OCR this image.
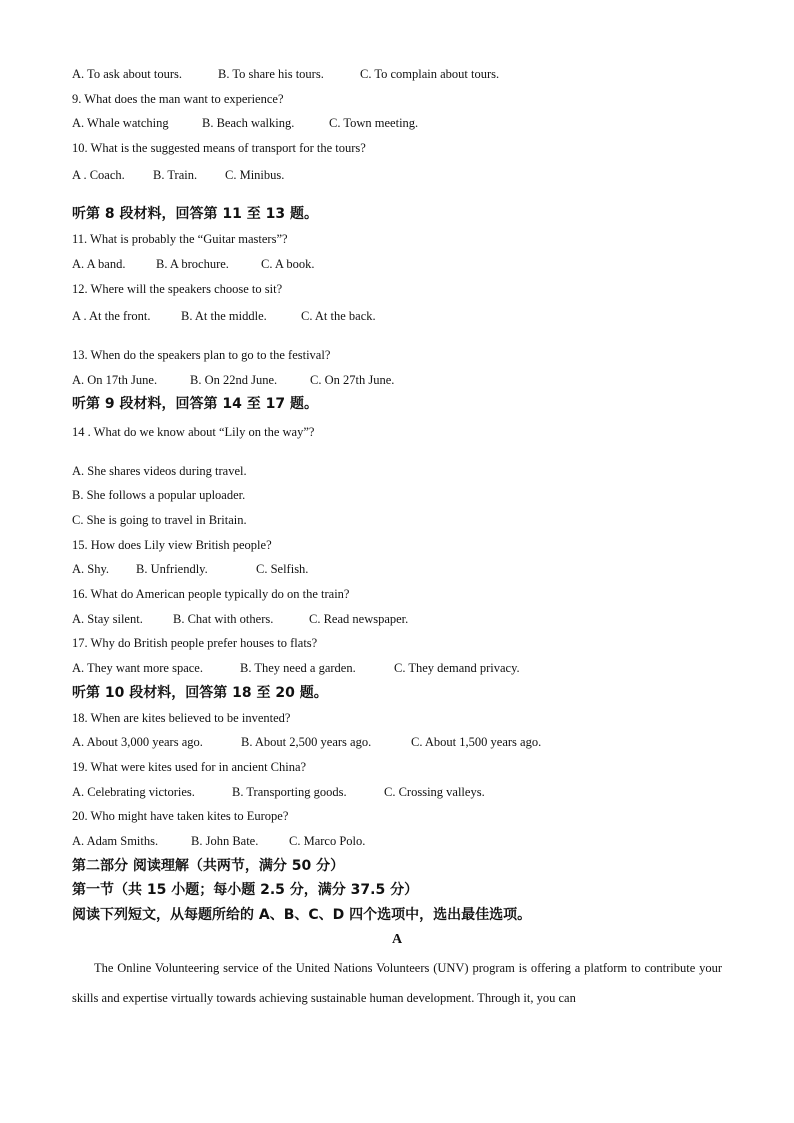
A. To ask about tours.	B. To share his tours.	C. To complain about tours.
9. What does the man want to experience?
A. Whale watching	B. Beach walking.	C. Town meeting.
10. What is the suggested means of transport for the tours?
A . Coach. B. Train. C. Minibus.
听第 8 段材料，回答第 11 至 13 题。
11. What is probably the “Guitar masters”?
A. A band. B. A brochure.	C. A book.
12. Where will the speakers choose to sit?
A . At the front. B. At the middle.	C. At the back.
13. When do the speakers plan to go to the festival?
A. On 17th June.	B. On 22nd June.	C. On 27th June.
听第 9 段材料，回答第 14 至 17 题。
14 . What do we know about “Lily on the way”?
A. She shares videos during travel.
B. She follows a popular uploader.
C. She is going to travel in Britain.
15. How does Lily view British people?
A. Shy. B. Unfriendly.	C. Selfish.
16. What do American people typically do on the train?
A. Stay silent. B. Chat with others.	C. Read newspaper.
17. Why do British people prefer houses to flats?
A. They want more space.	B. They need a garden.	C. They demand privacy.
听第 10 段材料，回答第 18 至 20 题。
18. When are kites believed to be invented?
A. About 3,000 years ago.	B. About 2,500 years ago.	C. About 1,500 years ago.
19. What were kites used for in ancient China?
A. Celebrating victories.	B. Transporting goods.	C. Crossing valleys.
20. Who might have taken kites to Europe?
A. Adam Smiths.	B. John Bate. C. Marco Polo.
第二部分 阅读理解（共两节，满分 50 分）
第一节（共 15 小题；每小题 2.5 分，满分 37.5 分）
阅读下列短文，从每题所给的 A、B、C、D 四个选项中，选出最佳选项。
A
The Online Volunteering service of the United Nations Volunteers (UNV) program is offering a platform to contribute your skills and expertise virtually towards achieving sustainable human development. Through it, you can
